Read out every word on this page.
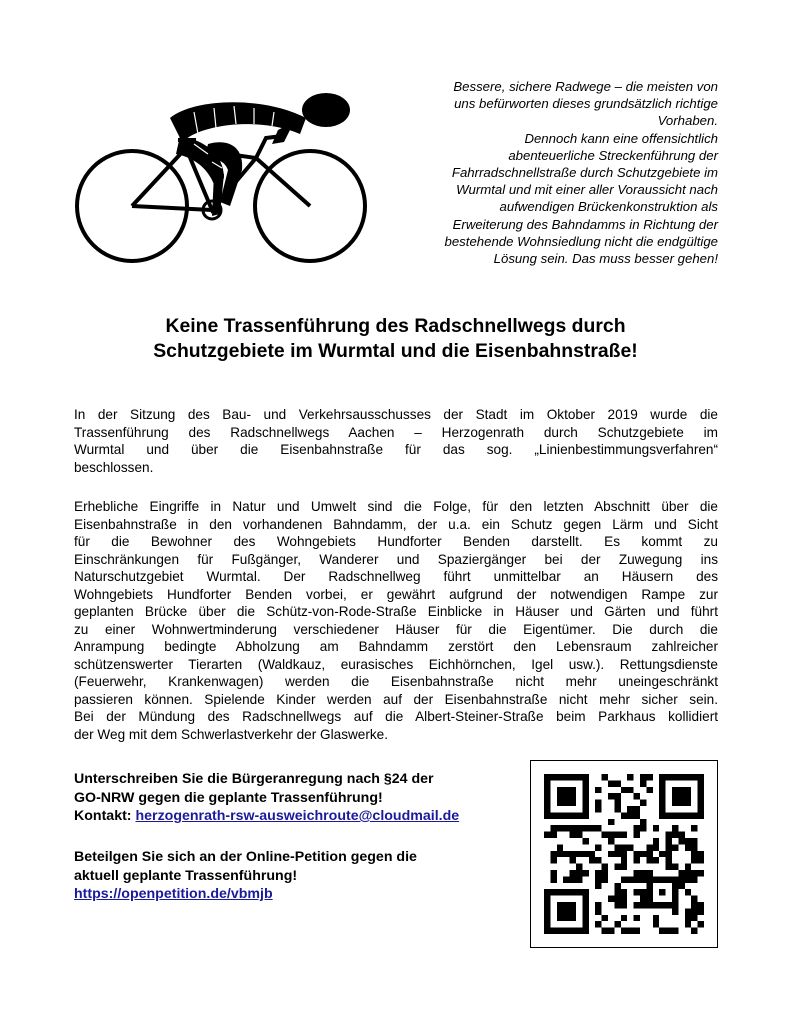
Bessere, sichere Radwege – die meisten von
uns befürworten dieses grundsätzlich richtige
Vorhaben.
Dennoch kann eine offensichtlich
abenteuerliche Streckenführung der
Fahrradschnellstraße durch Schutzgebiete im
Wurmtal und mit einer aller Voraussicht nach
aufwendigen Brückenkonstruktion als
Erweiterung des Bahndamms in Richtung der
bestehende Wohnsiedlung nicht die endgültige
Lösung sein. Das muss besser gehen!

Keine Trassenführung des Radschnellwegs durch
Schutzgebiete im Wurmtal und die Eisenbahnstraße!

In der Sitzung des Bau- und Verkehrsausschusses der Stadt im Oktober 2019 wurde die
Trassenführung des Radschnellwegs Aachen – Herzogenrath durch Schutzgebiete im
Wurmtal und über die Eisenbahnstraße für das sog. „Linienbestimmungsverfahren“
beschlossen.

Erhebliche Eingriffe in Natur und Umwelt sind die Folge, für den letzten Abschnitt über die
Eisenbahnstraße in den vorhandenen Bahndamm, der u.a. ein Schutz gegen Lärm und Sicht
für die Bewohner des Wohngebiets Hundforter Benden darstellt. Es kommt zu
Einschränkungen für Fußgänger, Wanderer und Spaziergänger bei der Zuwegung ins
Naturschutzgebiet Wurmtal. Der Radschnellweg führt unmittelbar an Häusern des
Wohngebiets Hundforter Benden vorbei, er gewährt aufgrund der notwendigen Rampe zur
geplanten Brücke über die Schütz-von-Rode-Straße Einblicke in Häuser und Gärten und führt
zu einer Wohnwertminderung verschiedener Häuser für die Eigentümer. Die durch die
Anrampung bedingte Abholzung am Bahndamm zerstört den Lebensraum zahlreicher
schützenswerter Tierarten (Waldkauz, eurasisches Eichhörnchen, Igel usw.). Rettungsdienste
(Feuerwehr, Krankenwagen) werden die Eisenbahnstraße nicht mehr uneingeschränkt
passieren können. Spielende Kinder werden auf der Eisenbahnstraße nicht mehr sicher sein.
Bei der Mündung des Radschnellwegs auf die Albert-Steiner-Straße beim Parkhaus kollidiert
der Weg mit dem Schwerlastverkehr der Glaswerke.

Unterschreiben Sie die Bürgeranregung nach §24 der
GO-NRW gegen die geplante Trassenführung!
Kontakt: herzogenrath-rsw-ausweichroute@cloudmail.de
Beteilgen Sie sich an der Online-Petition gegen die
aktuell geplante Trassenführung!
https://openpetition.de/vbmjb
